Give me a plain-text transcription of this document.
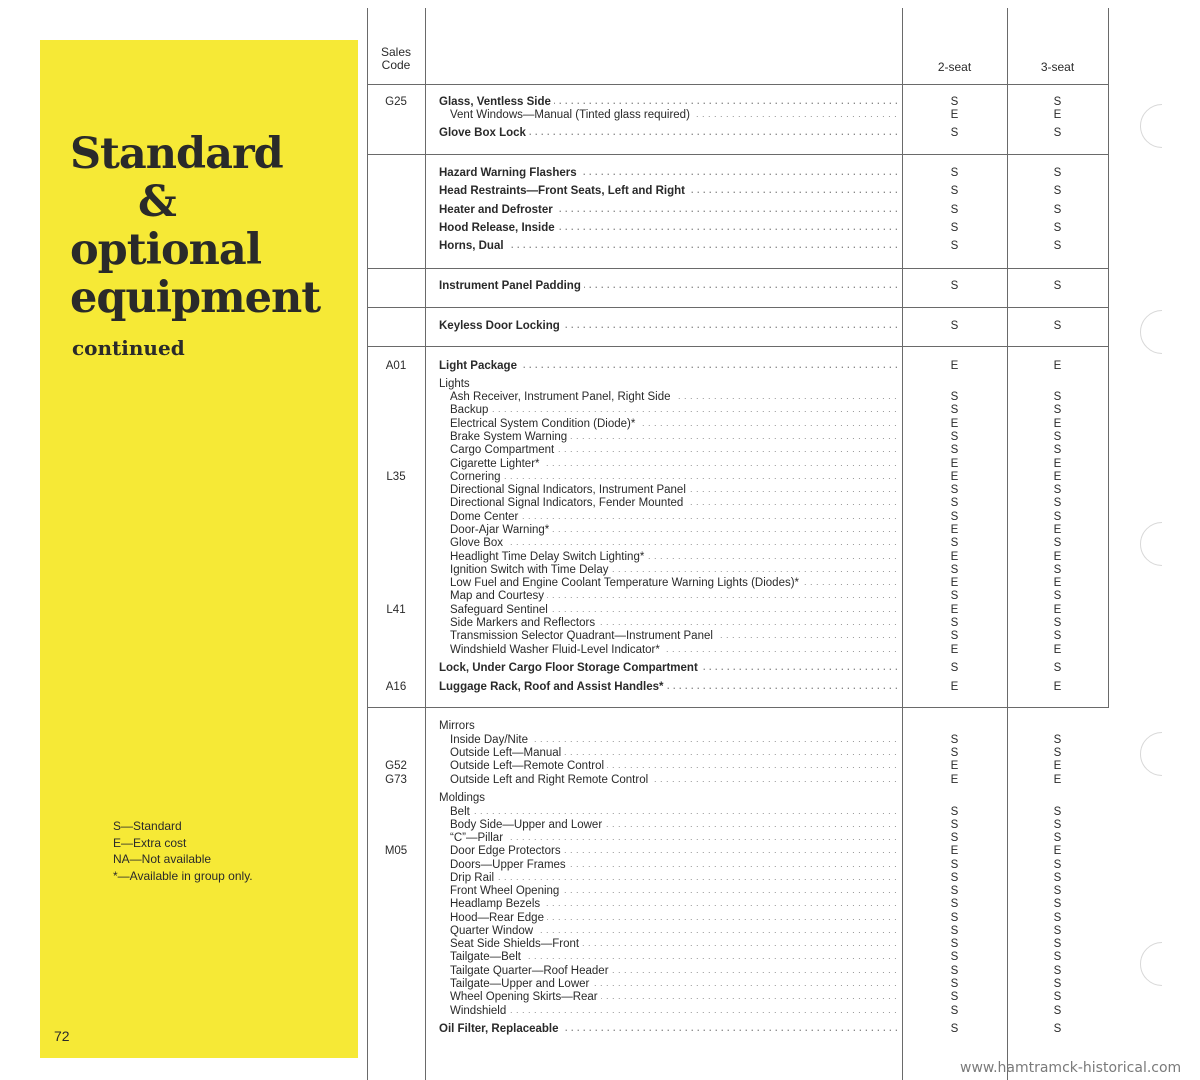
Standard
&
optional
equipment
continued
S—Standard
E—Extra cost
NA—Not available
*—Available in group only.
72
Sales
Code	2-seat	3-seat
G25	Glass, Ventless Side . . .	S	S
Vent Windows—Manual (Tinted glass required) . . .	E	E
Glove Box Lock . . .	S	S
Hazard Warning Flashers . . .	S	S
Head Restraints—Front Seats, Left and Right . . .	S	S
Heater and Defroster . . .	S	S
Hood Release, Inside . . .	S	S
Horns, Dual . . .	S	S
Instrument Panel Padding . . .	S	S
Keyless Door Locking . . .	S	S
A01	Light Package . . .	E	E
Lights
Ash Receiver, Instrument Panel, Right Side . . .	S	S
Backup . . .	S	S
Electrical System Condition (Diode)* . . .	E	E
Brake System Warning . . .	S	S
Cargo Compartment . . .	S	S
Cigarette Lighter* . . .	E	E
L35	Cornering . . .	E	E
Directional Signal Indicators, Instrument Panel . . .	S	S
Directional Signal Indicators, Fender Mounted . . .	S	S
Dome Center . . .	S	S
Door-Ajar Warning* . . .	E	E
Glove Box . . .	S	S
Headlight Time Delay Switch Lighting* . . .	E	E
Ignition Switch with Time Delay . . .	S	S
Low Fuel and Engine Coolant Temperature Warning Lights (Diodes)* . . .	E	E
Map and Courtesy . . .	S	S
L41	Safeguard Sentinel . . .	E	E
Side Markers and Reflectors . . .	S	S
Transmission Selector Quadrant—Instrument Panel . . .	S	S
Windshield Washer Fluid-Level Indicator* . . .	E	E
Lock, Under Cargo Floor Storage Compartment . . .	S	S
A16	Luggage Rack, Roof and Assist Handles* . . .	E	E
Mirrors
Inside Day/Nite . . .	S	S
Outside Left—Manual . . .	S	S
G52	Outside Left—Remote Control . . .	E	E
G73	Outside Left and Right Remote Control . . .	E	E
Moldings
Belt . . .	S	S
Body Side—Upper and Lower . . .	S	S
“C”—Pillar . . .	S	S
M05	Door Edge Protectors . . .	E	E
Doors—Upper Frames . . .	S	S
Drip Rail . . .	S	S
Front Wheel Opening . . .	S	S
Headlamp Bezels . . .	S	S
Hood—Rear Edge . . .	S	S
Quarter Window . . .	S	S
Seat Side Shields—Front . . .	S	S
Tailgate—Belt . . .	S	S
Tailgate Quarter—Roof Header . . .	S	S
Tailgate—Upper and Lower . . .	S	S
Wheel Opening Skirts—Rear . . .	S	S
Windshield . . .	S	S
Oil Filter, Replaceable . . .	S	S
www.hamtramck-historical.com
